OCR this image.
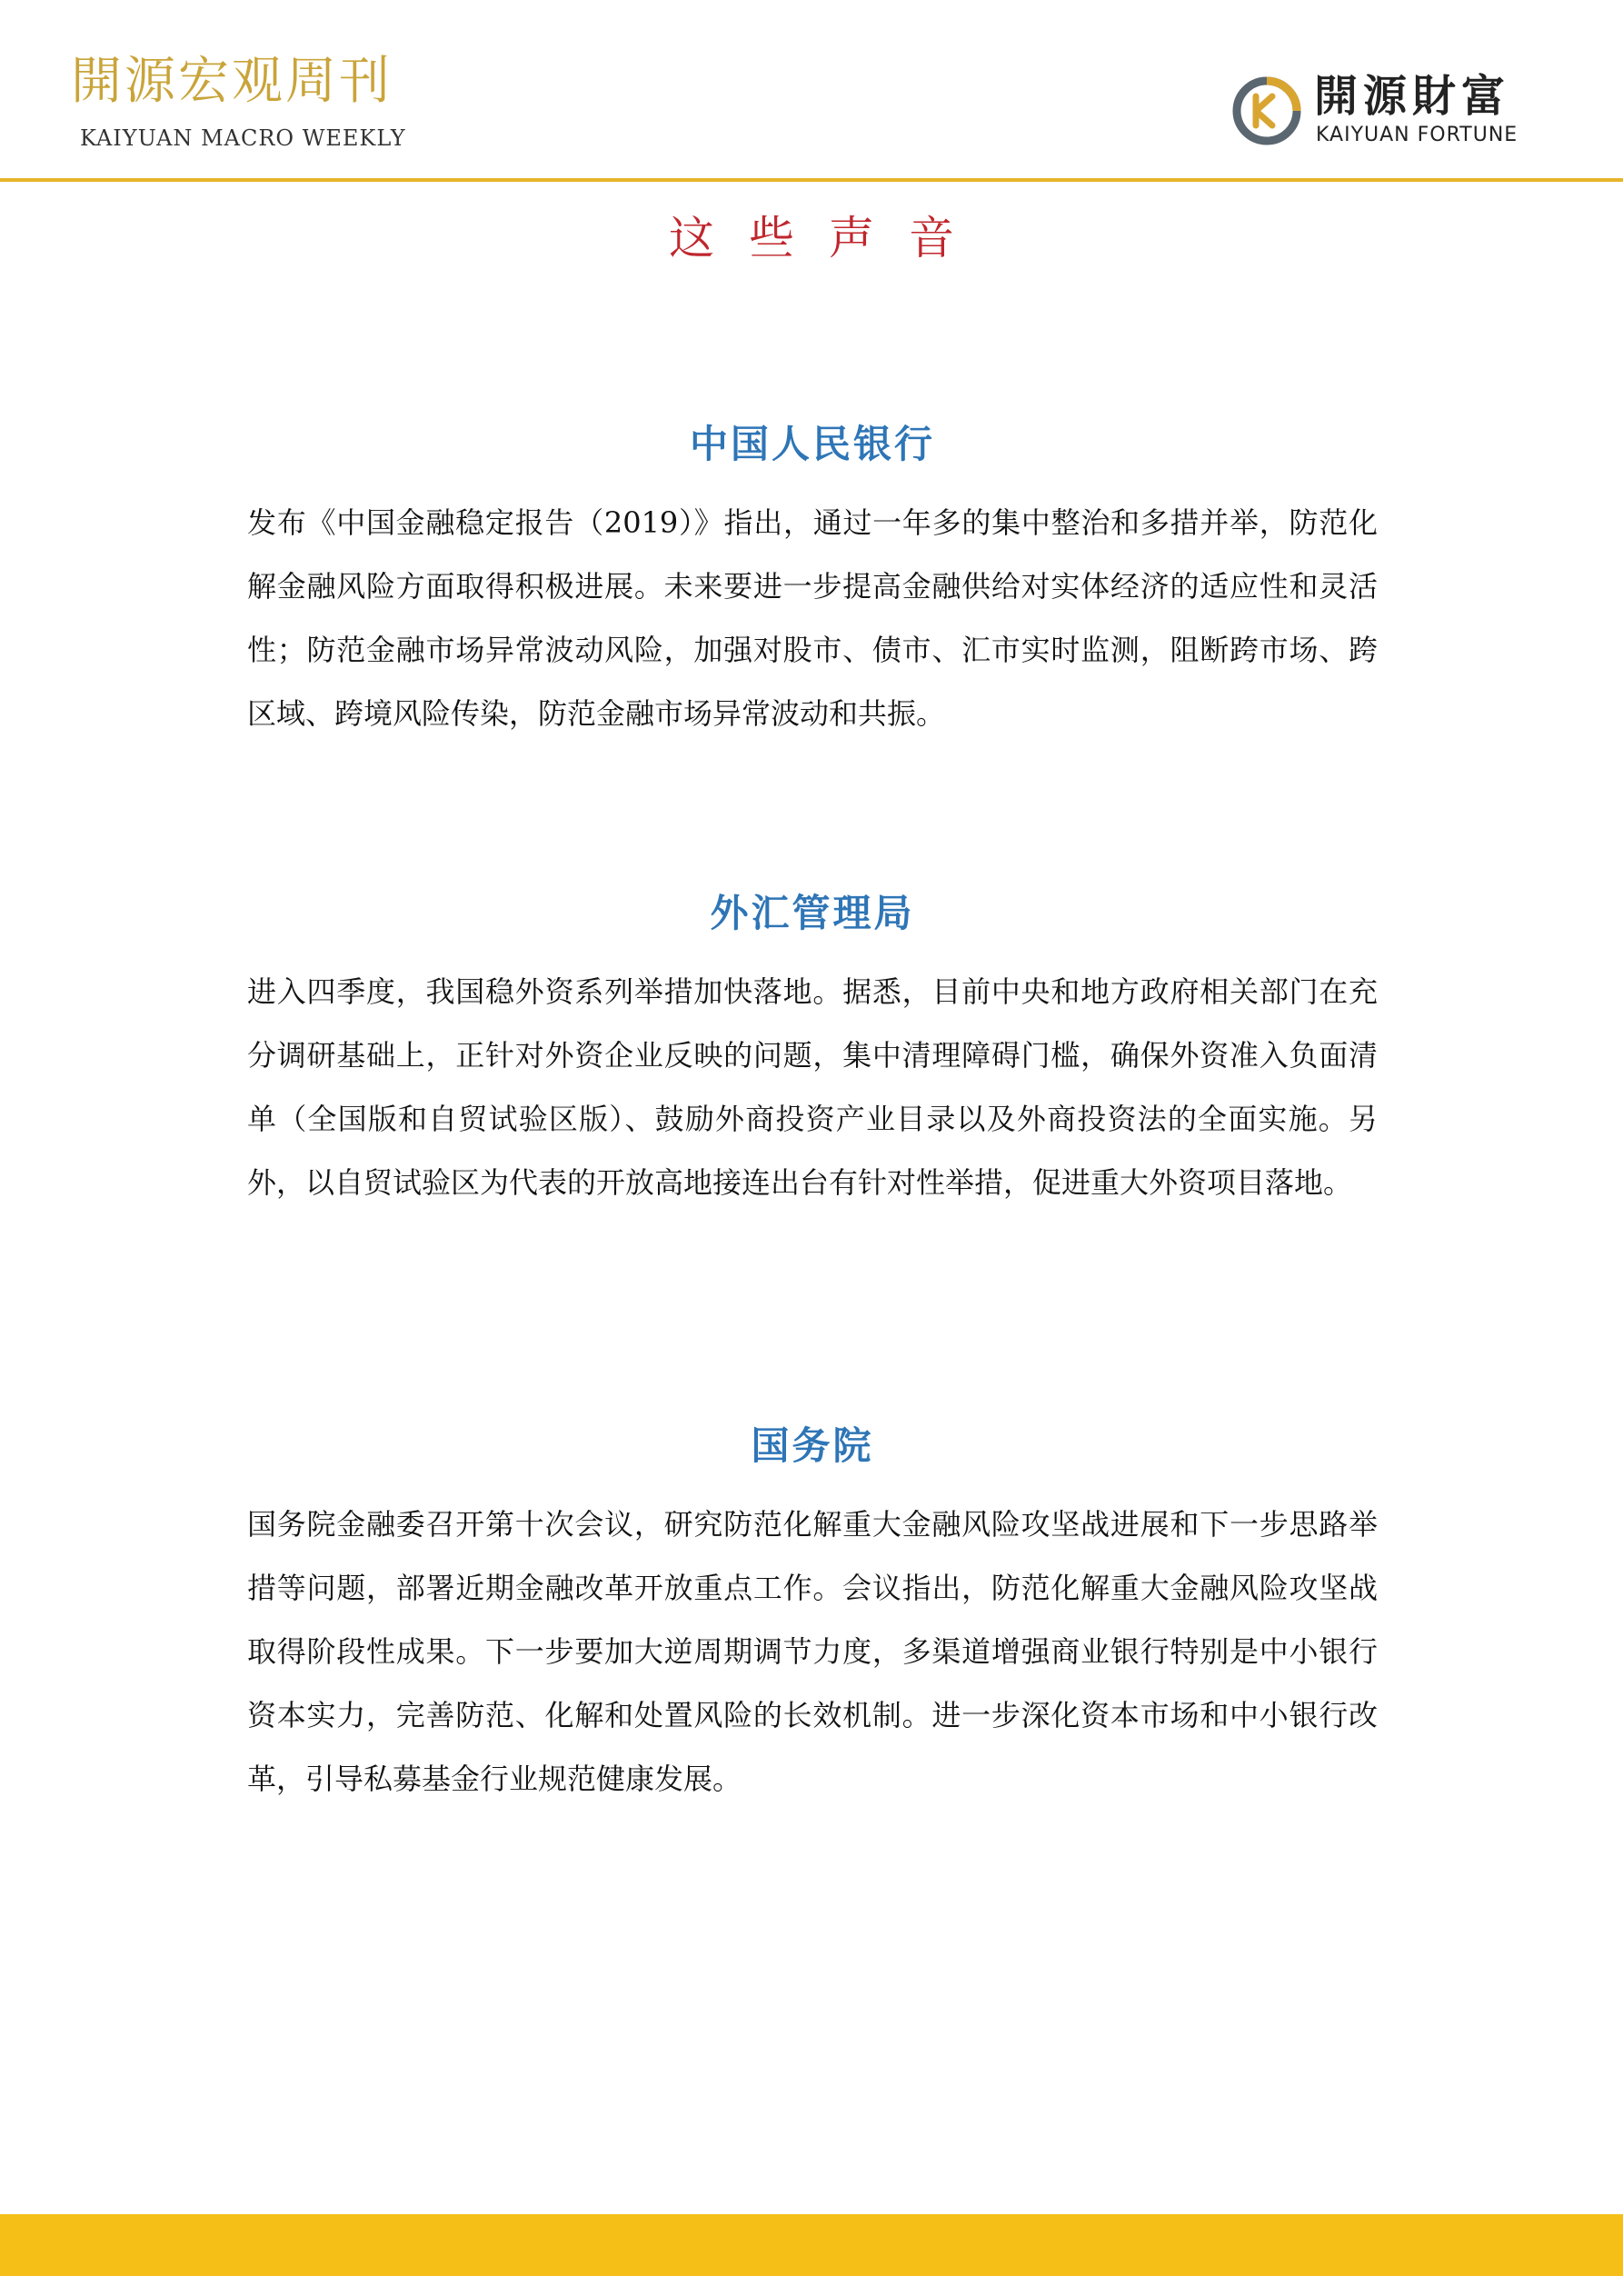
開源宏观周刊
KAIYUAN MACRO WEEKLY
開源財富
KAIYUAN FORTUNE
这些声音
中国人民银行

发布《中国金融稳定报告（2019）》指出，通过一年多的集中整治和多措并举，防范化解金融风险方面取得积极进展。未来要进一步提高金融供给对实体经济的适应性和灵活性；防范金融市场异常波动风险，加强对股市、债市、汇市实时监测，阻断跨市场、跨区域、跨境风险传染，防范金融市场异常波动和共振。

外汇管理局

进入四季度，我国稳外资系列举措加快落地。据悉，目前中央和地方政府相关部门在充分调研基础上，正针对外资企业反映的问题，集中清理障碍门槛，确保外资准入负面清单（全国版和自贸试验区版）、鼓励外商投资产业目录以及外商投资法的全面实施。另外，以自贸试验区为代表的开放高地接连出台有针对性举措，促进重大外资项目落地。

国务院

国务院金融委召开第十次会议，研究防范化解重大金融风险攻坚战进展和下一步思路举措等问题，部署近期金融改革开放重点工作。会议指出，防范化解重大金融风险攻坚战取得阶段性成果。下一步要加大逆周期调节力度，多渠道增强商业银行特别是中小银行资本实力，完善防范、化解和处置风险的长效机制。进一步深化资本市场和中小银行改革，引导私募基金行业规范健康发展。
